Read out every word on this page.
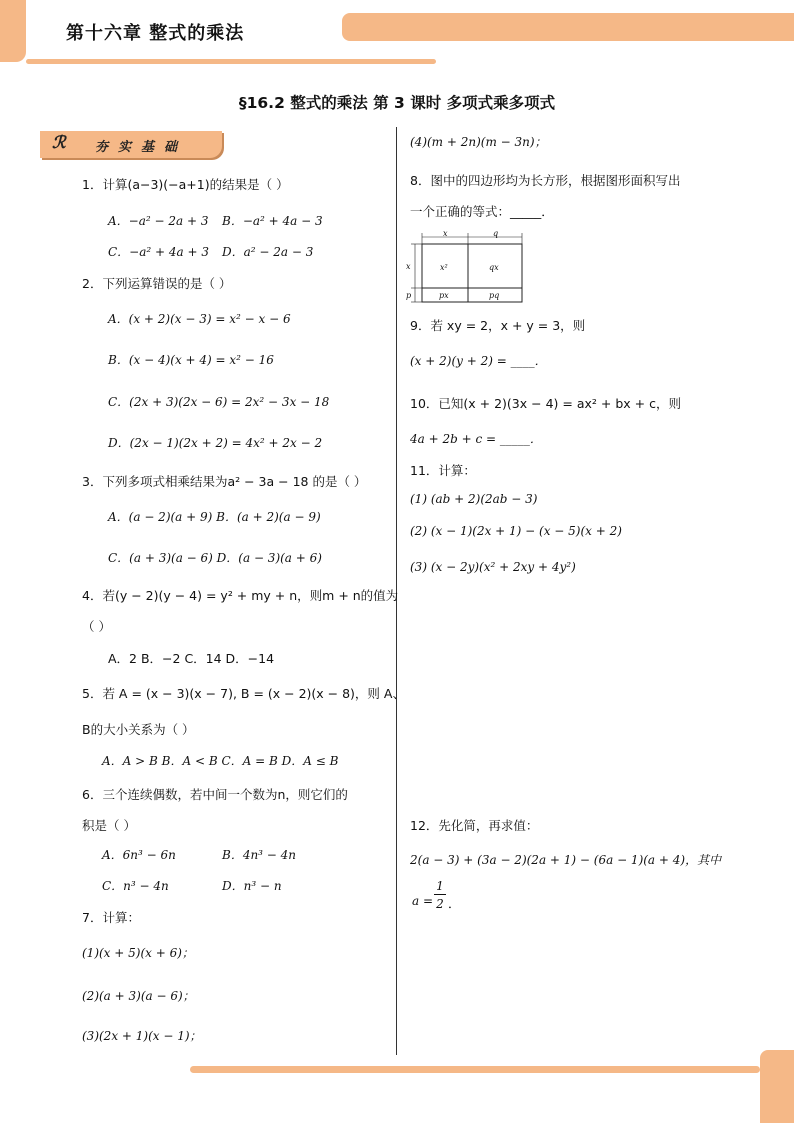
第十六章 整式的乘法
§16.2 整式的乘法 第 3 课时 多项式乘多项式
ℛ 夯实基础
1．计算(a−3)(−a+1)的结果是（ ）
A．−a² − 2a + 3 B．−a² + 4a − 3
C．−a² + 4a + 3 D．a² − 2a − 3
2．下列运算错误的是（ ）
A．(x + 2)(x − 3) = x² − x − 6
B．(x − 4)(x + 4) = x² − 16
C．(2x + 3)(2x − 6) = 2x² − 3x − 18
D．(2x − 1)(2x + 2) = 4x² + 2x − 2
3．下列多项式相乘结果为a² − 3a − 18 的是（ ）
A．(a − 2)(a + 9) B．(a + 2)(a − 9)
C．(a + 3)(a − 6) D．(a − 3)(a + 6)
4．若(y − 2)(y − 4) = y² + my + n，则m + n的值为
（ ）
A．2 B．−2 C．14 D．−14
5．若 A = (x − 3)(x − 7), B = (x − 2)(x − 8)，则 A、
B的大小关系为（ ）
A．A > B B．A < B C．A = B D．A ≤ B
6．三个连续偶数，若中间一个数为n，则它们的
积是（ ）
A．6n³ − 6n	B．4n³ − 4n
C．n³ − 4n	D．n³ − n
7．计算：
(1)(x + 5)(x + 6)；
(2)(a + 3)(a − 6)；
(3)(2x + 1)(x − 1)；
(4)(m + 2n)(m − 3n)；
8．图中的四边形均为长方形，根据图形面积写出
一个正确的等式：_____．
x	q
x
p
x²	qx
px	pq
9．若 xy = 2，x + y = 3，则
(x + 2)(y + 2) = ____．
10．已知(x + 2)(3x − 4) = ax² + bx + c，则
4a + 2b + c = _____．
11．计算：
(1) (ab + 2)(2ab − 3)
(2) (x − 1)(2x + 1) − (x − 5)(x + 2)
(3) (x − 2y)(x² + 2xy + 4y²)
12．先化简，再求值：
2(a − 3) + (3a − 2)(2a + 1) − (6a − 1)(a + 4)，其中
a =
1
2 ．
